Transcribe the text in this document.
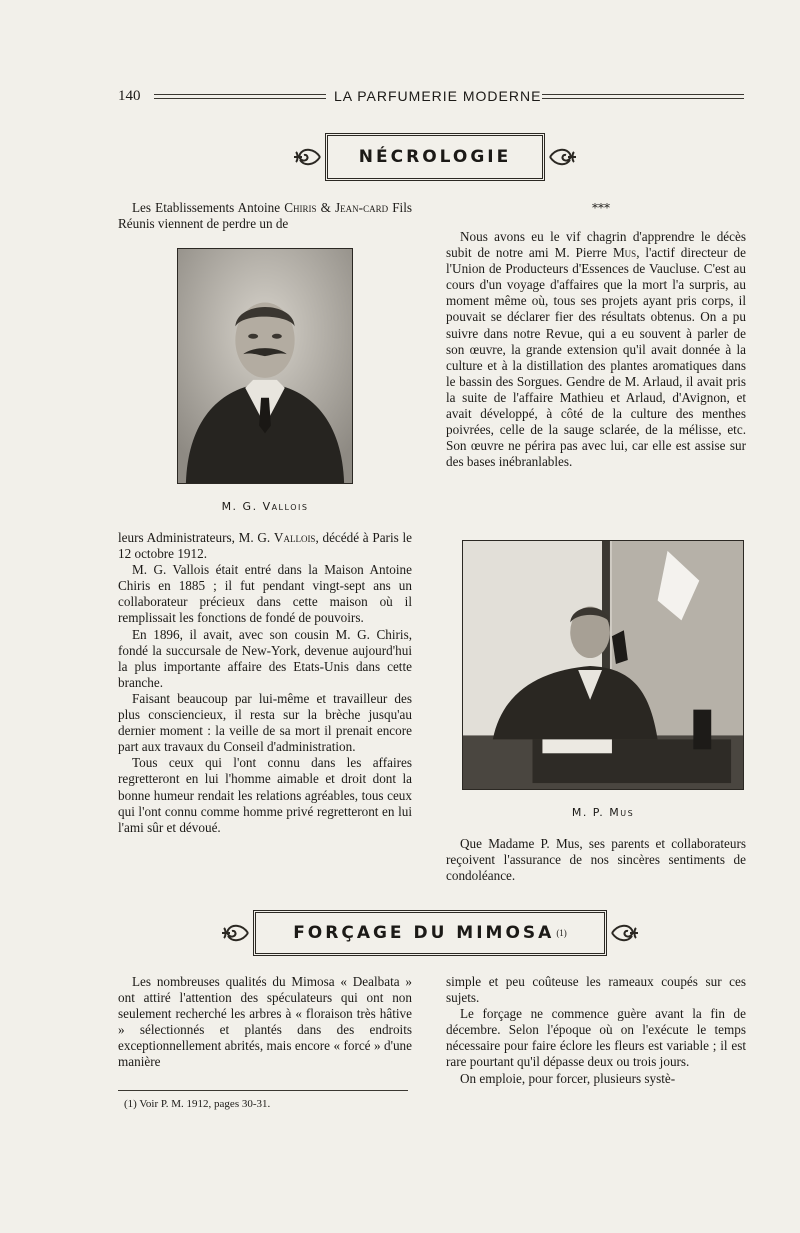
140	LA PARFUMERIE MODERNE
NÉCROLOGIE

Les Etablissements Antoine Chiris & Jean-card Fils Réunis viennent de perdre un de

M. G. Vallois

leurs Administrateurs, M. G. Vallois, décédé à Paris le 12 octobre 1912.

M. G. Vallois était entré dans la Maison Antoine Chiris en 1885 ; il fut pendant vingt-sept ans un collaborateur précieux dans cette maison où il remplissait les fonctions de fondé de pouvoirs.

En 1896, il avait, avec son cousin M. G. Chiris, fondé la succursale de New-York, devenue aujourd'hui la plus importante affaire des Etats-Unis dans cette branche.

Faisant beaucoup par lui-même et travailleur des plus consciencieux, il resta sur la brèche jusqu'au dernier moment : la veille de sa mort il prenait encore part aux travaux du Conseil d'administration.

Tous ceux qui l'ont connu dans les affaires regretteront en lui l'homme aimable et droit dont la bonne humeur rendait les relations agréables, tous ceux qui l'ont connu comme homme privé regretteront en lui l'ami sûr et dévoué.

⁎⁎⁎

Nous avons eu le vif chagrin d'apprendre le décès subit de notre ami M. Pierre Mus, l'actif directeur de l'Union de Producteurs d'Essences de Vaucluse. C'est au cours d'un voyage d'affaires que la mort l'a surpris, au moment même où, tous ses projets ayant pris corps, il pouvait se déclarer fier des résultats obtenus. On a pu suivre dans notre Revue, qui a eu souvent à parler de son œuvre, la grande extension qu'il avait donnée à la culture et à la distillation des plantes aromatiques dans le bassin des Sorgues. Gendre de M. Arlaud, il avait pris la suite de l'affaire Mathieu et Arlaud, d'Avignon, et avait développé, à côté de la culture des menthes poivrées, celle de la sauge sclarée, de la mélisse, etc. Son œuvre ne périra pas avec lui, car elle est assise sur des bases inébranlables.

M. P. Mus

Que Madame P. Mus, ses parents et collaborateurs reçoivent l'assurance de nos sincères sentiments de condoléance.

FORÇAGE DU MIMOSA (1)

Les nombreuses qualités du Mimosa « Dealbata » ont attiré l'attention des spéculateurs qui ont non seulement recherché les arbres à « floraison très hâtive » sélectionnés et plantés dans des endroits exceptionnellement abrités, mais encore « forcé » d'une manière

(1) Voir P. M. 1912, pages 30-31.

simple et peu coûteuse les rameaux coupés sur ces sujets.

Le forçage ne commence guère avant la fin de décembre. Selon l'époque où on l'exécute le temps nécessaire pour faire éclore les fleurs est variable ; il est rare pourtant qu'il dépasse deux ou trois jours.

On emploie, pour forcer, plusieurs systè-
